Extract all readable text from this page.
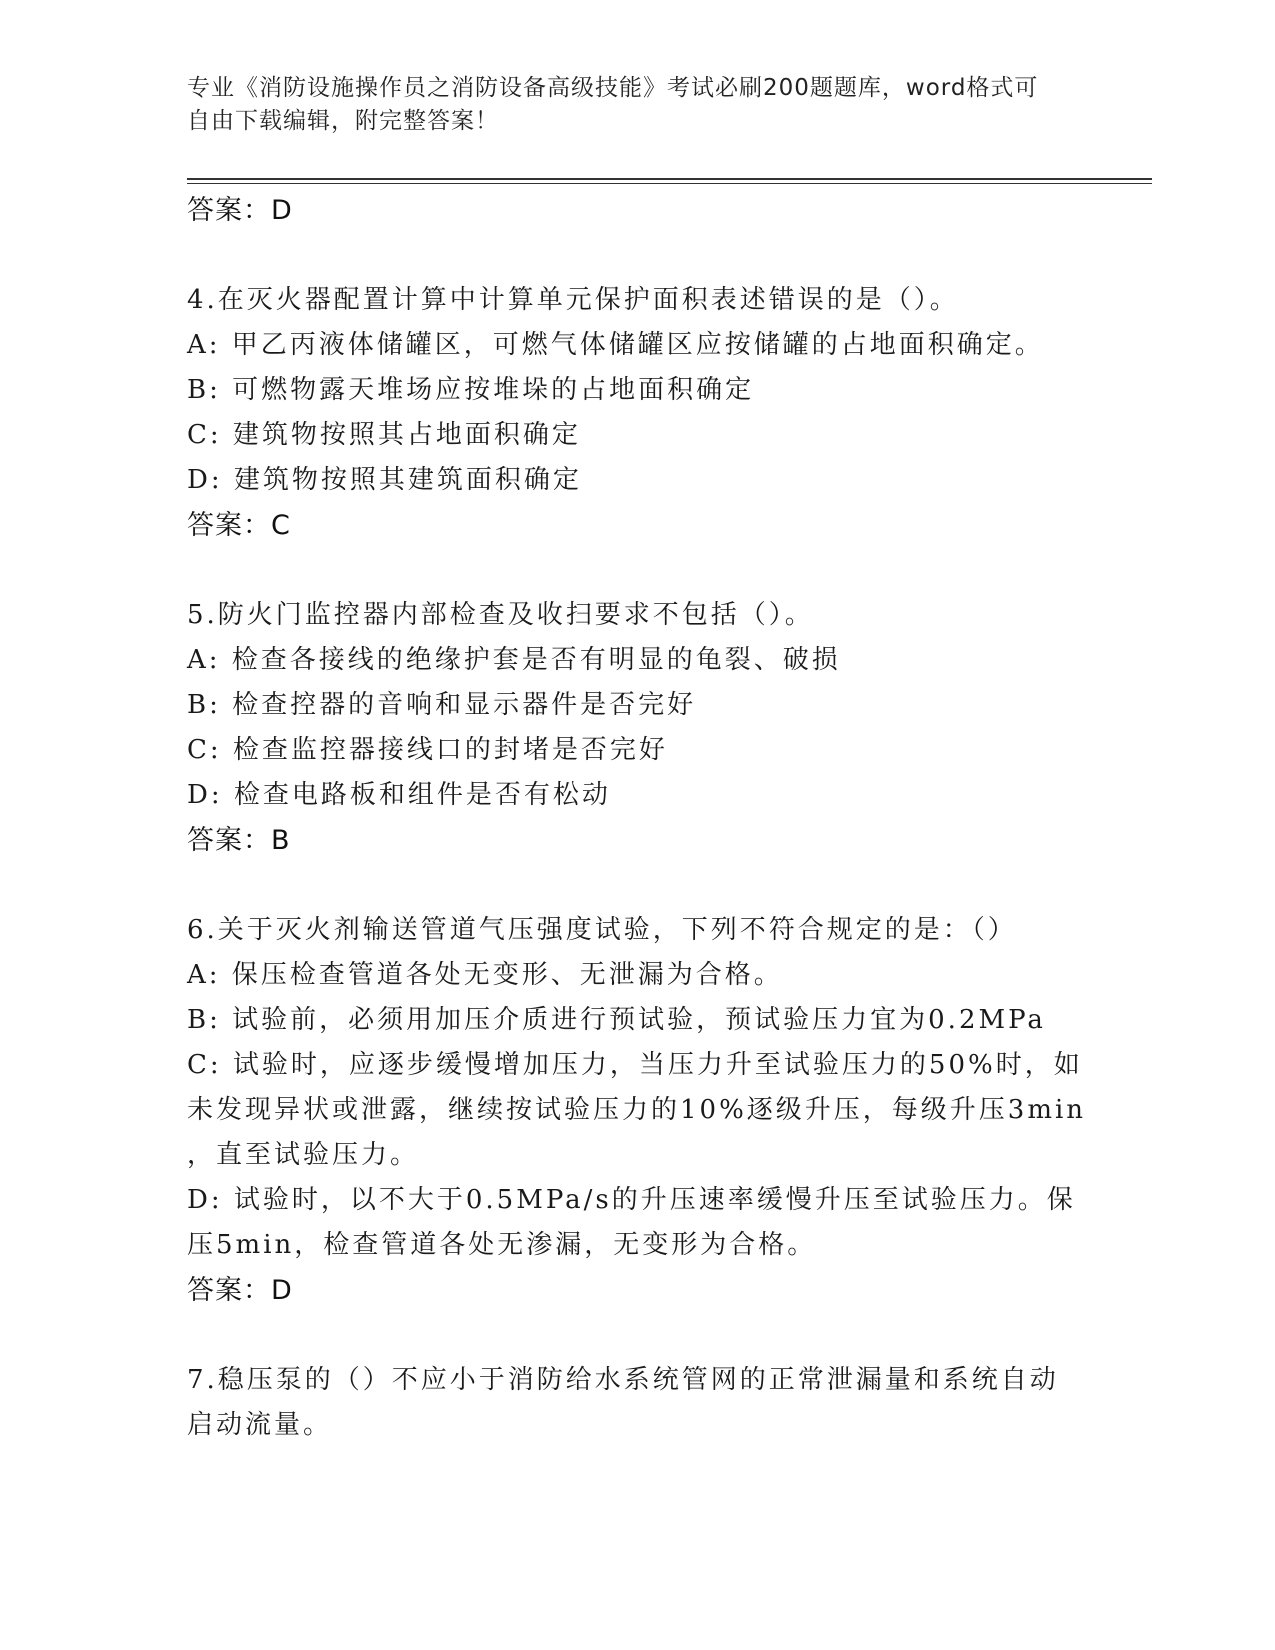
专业《消防设施操作员之消防设备高级技能》考试必刷200题题库，word格式可
自由下载编辑，附完整答案！
答案：D
4.在灭火器配置计算中计算单元保护面积表述错误的是（）。
A: 甲乙丙液体储罐区，可燃气体储罐区应按储罐的占地面积确定。
B: 可燃物露天堆场应按堆垛的占地面积确定
C: 建筑物按照其占地面积确定
D: 建筑物按照其建筑面积确定
答案：C
5.防火门监控器内部检查及收扫要求不包括（）。
A: 检查各接线的绝缘护套是否有明显的龟裂、破损
B: 检查控器的音响和显示器件是否完好
C: 检查监控器接线口的封堵是否完好
D: 检查电路板和组件是否有松动
答案：B
6.关于灭火剂输送管道气压强度试验，下列不符合规定的是：（）
A: 保压检查管道各处无变形、无泄漏为合格。
B: 试验前，必须用加压介质进行预试验，预试验压力宜为0.2MPa
C: 试验时，应逐步缓慢增加压力，当压力升至试验压力的50%时，如
未发现异状或泄露，继续按试验压力的10%逐级升压，每级升压3min
，直至试验压力。
D: 试验时，以不大于0.5MPa/s的升压速率缓慢升压至试验压力。保
压5min，检查管道各处无渗漏，无变形为合格。
答案：D
7.稳压泵的（）不应小于消防给水系统管网的正常泄漏量和系统自动
启动流量。
